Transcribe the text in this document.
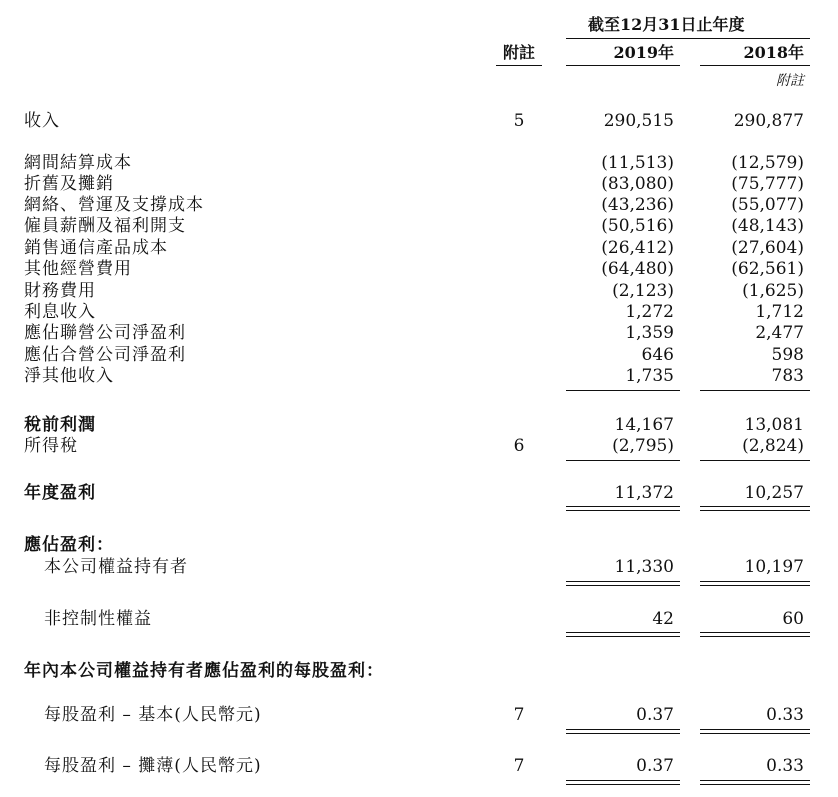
截至12月31日止年度
附註	2019年	2018年
附註
收入	5	290,515	290,877
網間結算成本	(11,513)	(12,579)
折舊及攤銷	(83,080)	(75,777)
網絡、營運及支撐成本	(43,236)	(55,077)
僱員薪酬及福利開支	(50,516)	(48,143)
銷售通信產品成本	(26,412)	(27,604)
其他經營費用	(64,480)	(62,561)
財務費用	(2,123)	(1,625)
利息收入	1,272	1,712
應佔聯營公司淨盈利	1,359	2,477
應佔合營公司淨盈利	646	598
淨其他收入	1,735	783
稅前利潤	14,167	13,081
所得稅	6	(2,795)	(2,824)
年度盈利	11,372	10,257
應佔盈利：
本公司權益持有者	11,330	10,197
非控制性權益	42	60
年內本公司權益持有者應佔盈利的每股盈利：
每股盈利 – 基本(人民幣元)	7	0.37	0.33
每股盈利 – 攤薄(人民幣元)	7	0.37	0.33
